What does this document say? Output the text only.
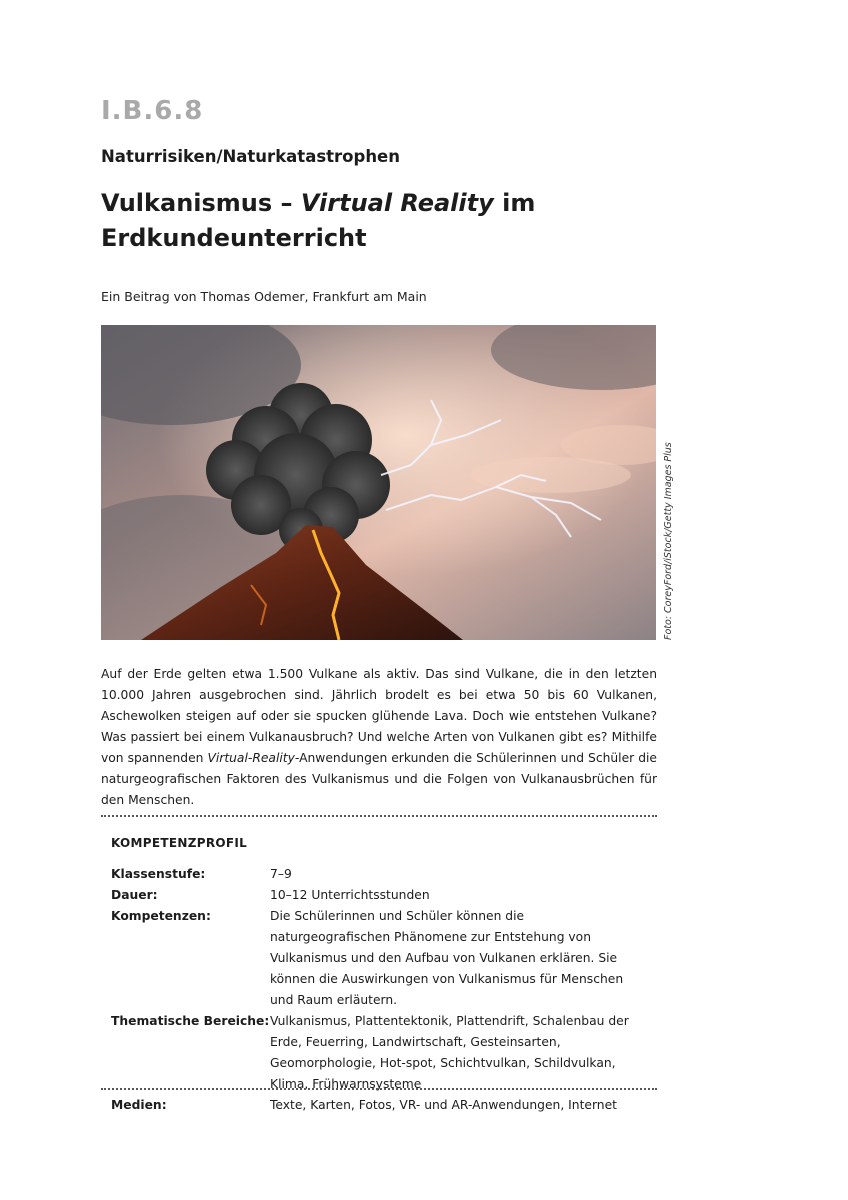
I.B.6.8
Naturrisiken/Naturkatastrophen
Vulkanismus – Virtual Reality im Erdkundeunterricht
Ein Beitrag von Thomas Odemer, Frankfurt am Main
Foto: CoreyFord/iStock/Getty Images Plus

Auf der Erde gelten etwa 1.500 Vulkane als aktiv. Das sind Vulkane, die in den letzten 10.000 Jahren ausgebrochen sind. Jährlich brodelt es bei etwa 50 bis 60 Vulkanen, Aschewolken steigen auf oder sie spucken glühende Lava. Doch wie entstehen Vulkane? Was passiert bei einem Vulkanausbruch? Und welche Arten von Vulkanen gibt es? Mithilfe von spannenden Virtual-Reality-Anwendungen erkunden die Schülerinnen und Schüler die naturgeografischen Faktoren des Vulkanismus und die Folgen von Vulkanausbrüchen für den Menschen.

KOMPETENZPROFIL
Klassenstufe:	7–9
Dauer:	10–12 Unterrichtsstunden
Kompetenzen:	Die Schülerinnen und Schüler können die naturgeografischen Phänomene zur Entstehung von Vulkanismus und den Aufbau von Vulkanen erklären. Sie können die Auswirkungen von Vulkanismus für Menschen und Raum erläutern.
Thematische Bereiche: Vulkanismus, Plattentektonik, Plattendrift, Schalenbau der Erde, Feuerring, Landwirtschaft, Gesteinsarten, Geomorphologie, Hot-spot, Schichtvulkan, Schildvulkan, Klima, Frühwarnsysteme
Medien:	Texte, Karten, Fotos, VR- und AR-Anwendungen, Internet
